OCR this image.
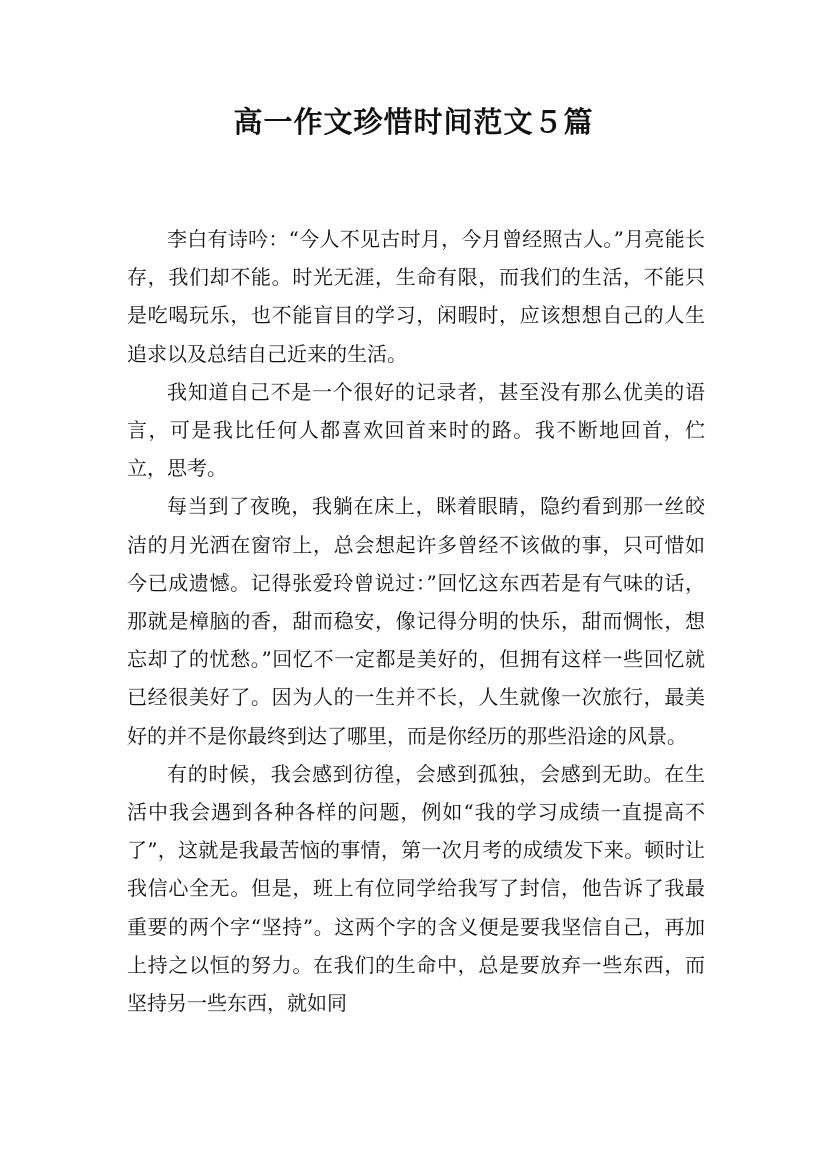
高一作文珍惜时间范文５篇

李白有诗吟：“今人不见古时月，今月曾经照古人。”月亮能长存，我们却不能。时光无涯，生命有限，而我们的生活，不能只是吃喝玩乐，也不能盲目的学习，闲暇时，应该想想自己的人生追求以及总结自己近来的生活。

我知道自己不是一个很好的记录者，甚至没有那么优美的语言，可是我比任何人都喜欢回首来时的路。我不断地回首，伫立，思考。

每当到了夜晚，我躺在床上，眯着眼睛，隐约看到那一丝皎洁的月光洒在窗帘上，总会想起许多曾经不该做的事，只可惜如今已成遗憾。记得张爱玲曾说过：”回忆这东西若是有气味的话，那就是樟脑的香，甜而稳安，像记得分明的快乐，甜而惆怅，想忘却了的忧愁。”回忆不一定都是美好的，但拥有这样一些回忆就已经很美好了。因为人的一生并不长，人生就像一次旅行，最美好的并不是你最终到达了哪里，而是你经历的那些沿途的风景。

有的时候，我会感到彷徨，会感到孤独，会感到无助。在生活中我会遇到各种各样的问题，例如“我的学习成绩一直提高不了”，这就是我最苦恼的事情，第一次月考的成绩发下来。顿时让我信心全无。但是，班上有位同学给我写了封信，他告诉了我最重要的两个字“坚持”。这两个字的含义便是要我坚信自己，再加上持之以恒的努力。在我们的生命中，总是要放弃一些东西，而坚持另一些东西，就如同
